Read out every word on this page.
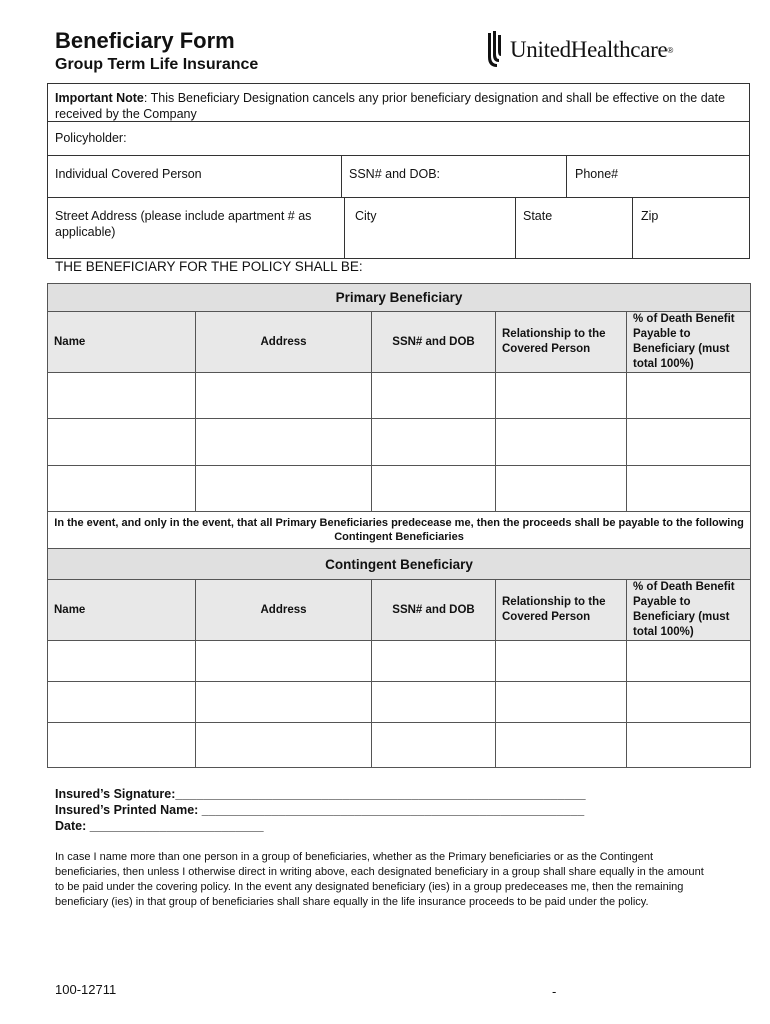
Beneficiary Form
Group Term Life Insurance
UnitedHealthcare ®
Important Note: This Beneficiary Designation cancels any prior beneficiary designation and shall be effective on the date received by the Company
Policyholder:
Individual Covered Person	SSN# and DOB:	Phone#
Street Address (please include apartment # as applicable)
City	State	Zip
THE BENEFICIARY FOR THE POLICY SHALL BE:
Primary Beneficiary				
Name	Address	SSN# and DOB	Relationship to the Covered Person	% of Death Benefit Payable to Beneficiary (must total 100%)

In the event, and only in the event, that all Primary Beneficiaries predecease me, then the proceeds shall be payable to the following Contingent Beneficiaries				
Contingent Beneficiary				
Name	Address	SSN# and DOB	Relationship to the Covered Person	% of Death Benefit Payable to Beneficiary (must total 100%)

Insured’s Signature:___________________________________________________________
Insured’s Printed Name: _______________________________________________________
Date: _________________________
In case I name more than one person in a group of beneficiaries, whether as the Primary beneficiaries or as the Contingent beneficiaries, then unless I otherwise direct in writing above, each designated beneficiary in a group shall share equally in the amount to be paid under the covering policy. In the event any designated beneficiary (ies) in a group predeceases me, then the remaining beneficiary (ies) in that group of beneficiaries shall share equally in the life insurance proceeds to be paid under the policy.
100-12711	-
